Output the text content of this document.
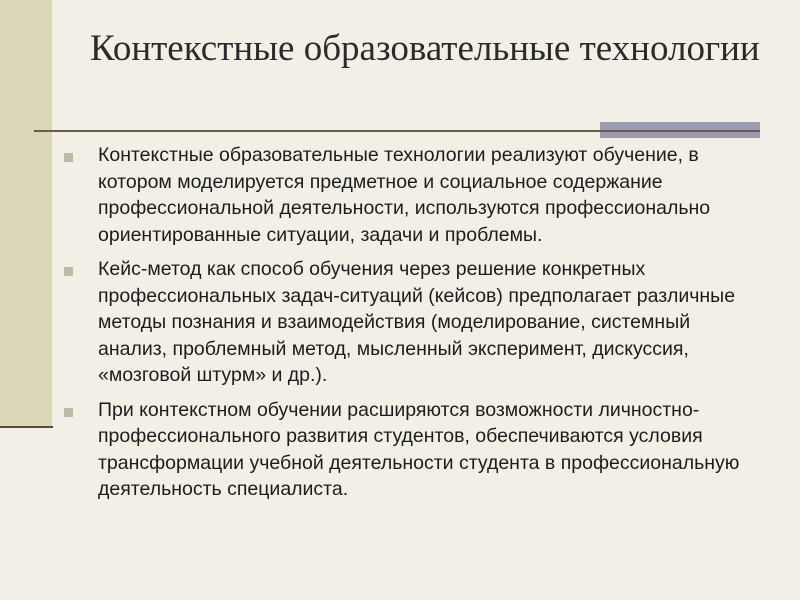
Контекстные образовательные технологии
Контекстные образовательные технологии реализуют обучение, в котором моделируется предметное и социальное содержание профессиональной деятельности, используются профессионально ориентированные ситуации, задачи и проблемы.
Кейс-метод как способ обучения через решение конкретных профессиональных задач-ситуаций (кейсов) предполагает различные методы познания и взаимодействия (моделирование, системный анализ, проблемный метод, мысленный эксперимент, дискуссия, «мозговой штурм» и др.).
При контекстном обучении расширяются возможности личностно-профессионального развития студентов, обеспечиваются условия трансформации учебной деятельности студента в профессиональную деятельность специалиста.
